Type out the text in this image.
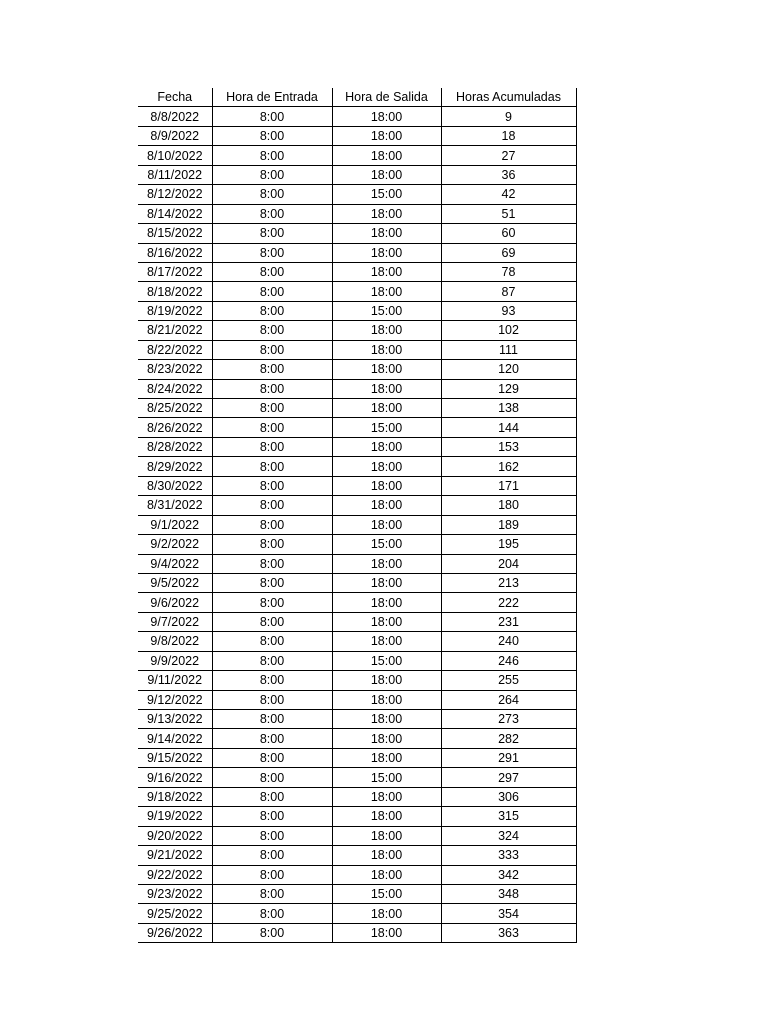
Fecha	Hora de Entrada	Hora de Salida	Horas Acumuladas
8/8/2022	8:00	18:00	9
8/9/2022	8:00	18:00	18
8/10/2022	8:00	18:00	27
8/11/2022	8:00	18:00	36
8/12/2022	8:00	15:00	42
8/14/2022	8:00	18:00	51
8/15/2022	8:00	18:00	60
8/16/2022	8:00	18:00	69
8/17/2022	8:00	18:00	78
8/18/2022	8:00	18:00	87
8/19/2022	8:00	15:00	93
8/21/2022	8:00	18:00	102
8/22/2022	8:00	18:00	111
8/23/2022	8:00	18:00	120
8/24/2022	8:00	18:00	129
8/25/2022	8:00	18:00	138
8/26/2022	8:00	15:00	144
8/28/2022	8:00	18:00	153
8/29/2022	8:00	18:00	162
8/30/2022	8:00	18:00	171
8/31/2022	8:00	18:00	180
9/1/2022	8:00	18:00	189
9/2/2022	8:00	15:00	195
9/4/2022	8:00	18:00	204
9/5/2022	8:00	18:00	213
9/6/2022	8:00	18:00	222
9/7/2022	8:00	18:00	231
9/8/2022	8:00	18:00	240
9/9/2022	8:00	15:00	246
9/11/2022	8:00	18:00	255
9/12/2022	8:00	18:00	264
9/13/2022	8:00	18:00	273
9/14/2022	8:00	18:00	282
9/15/2022	8:00	18:00	291
9/16/2022	8:00	15:00	297
9/18/2022	8:00	18:00	306
9/19/2022	8:00	18:00	315
9/20/2022	8:00	18:00	324
9/21/2022	8:00	18:00	333
9/22/2022	8:00	18:00	342
9/23/2022	8:00	15:00	348
9/25/2022	8:00	18:00	354
9/26/2022	8:00	18:00	363
